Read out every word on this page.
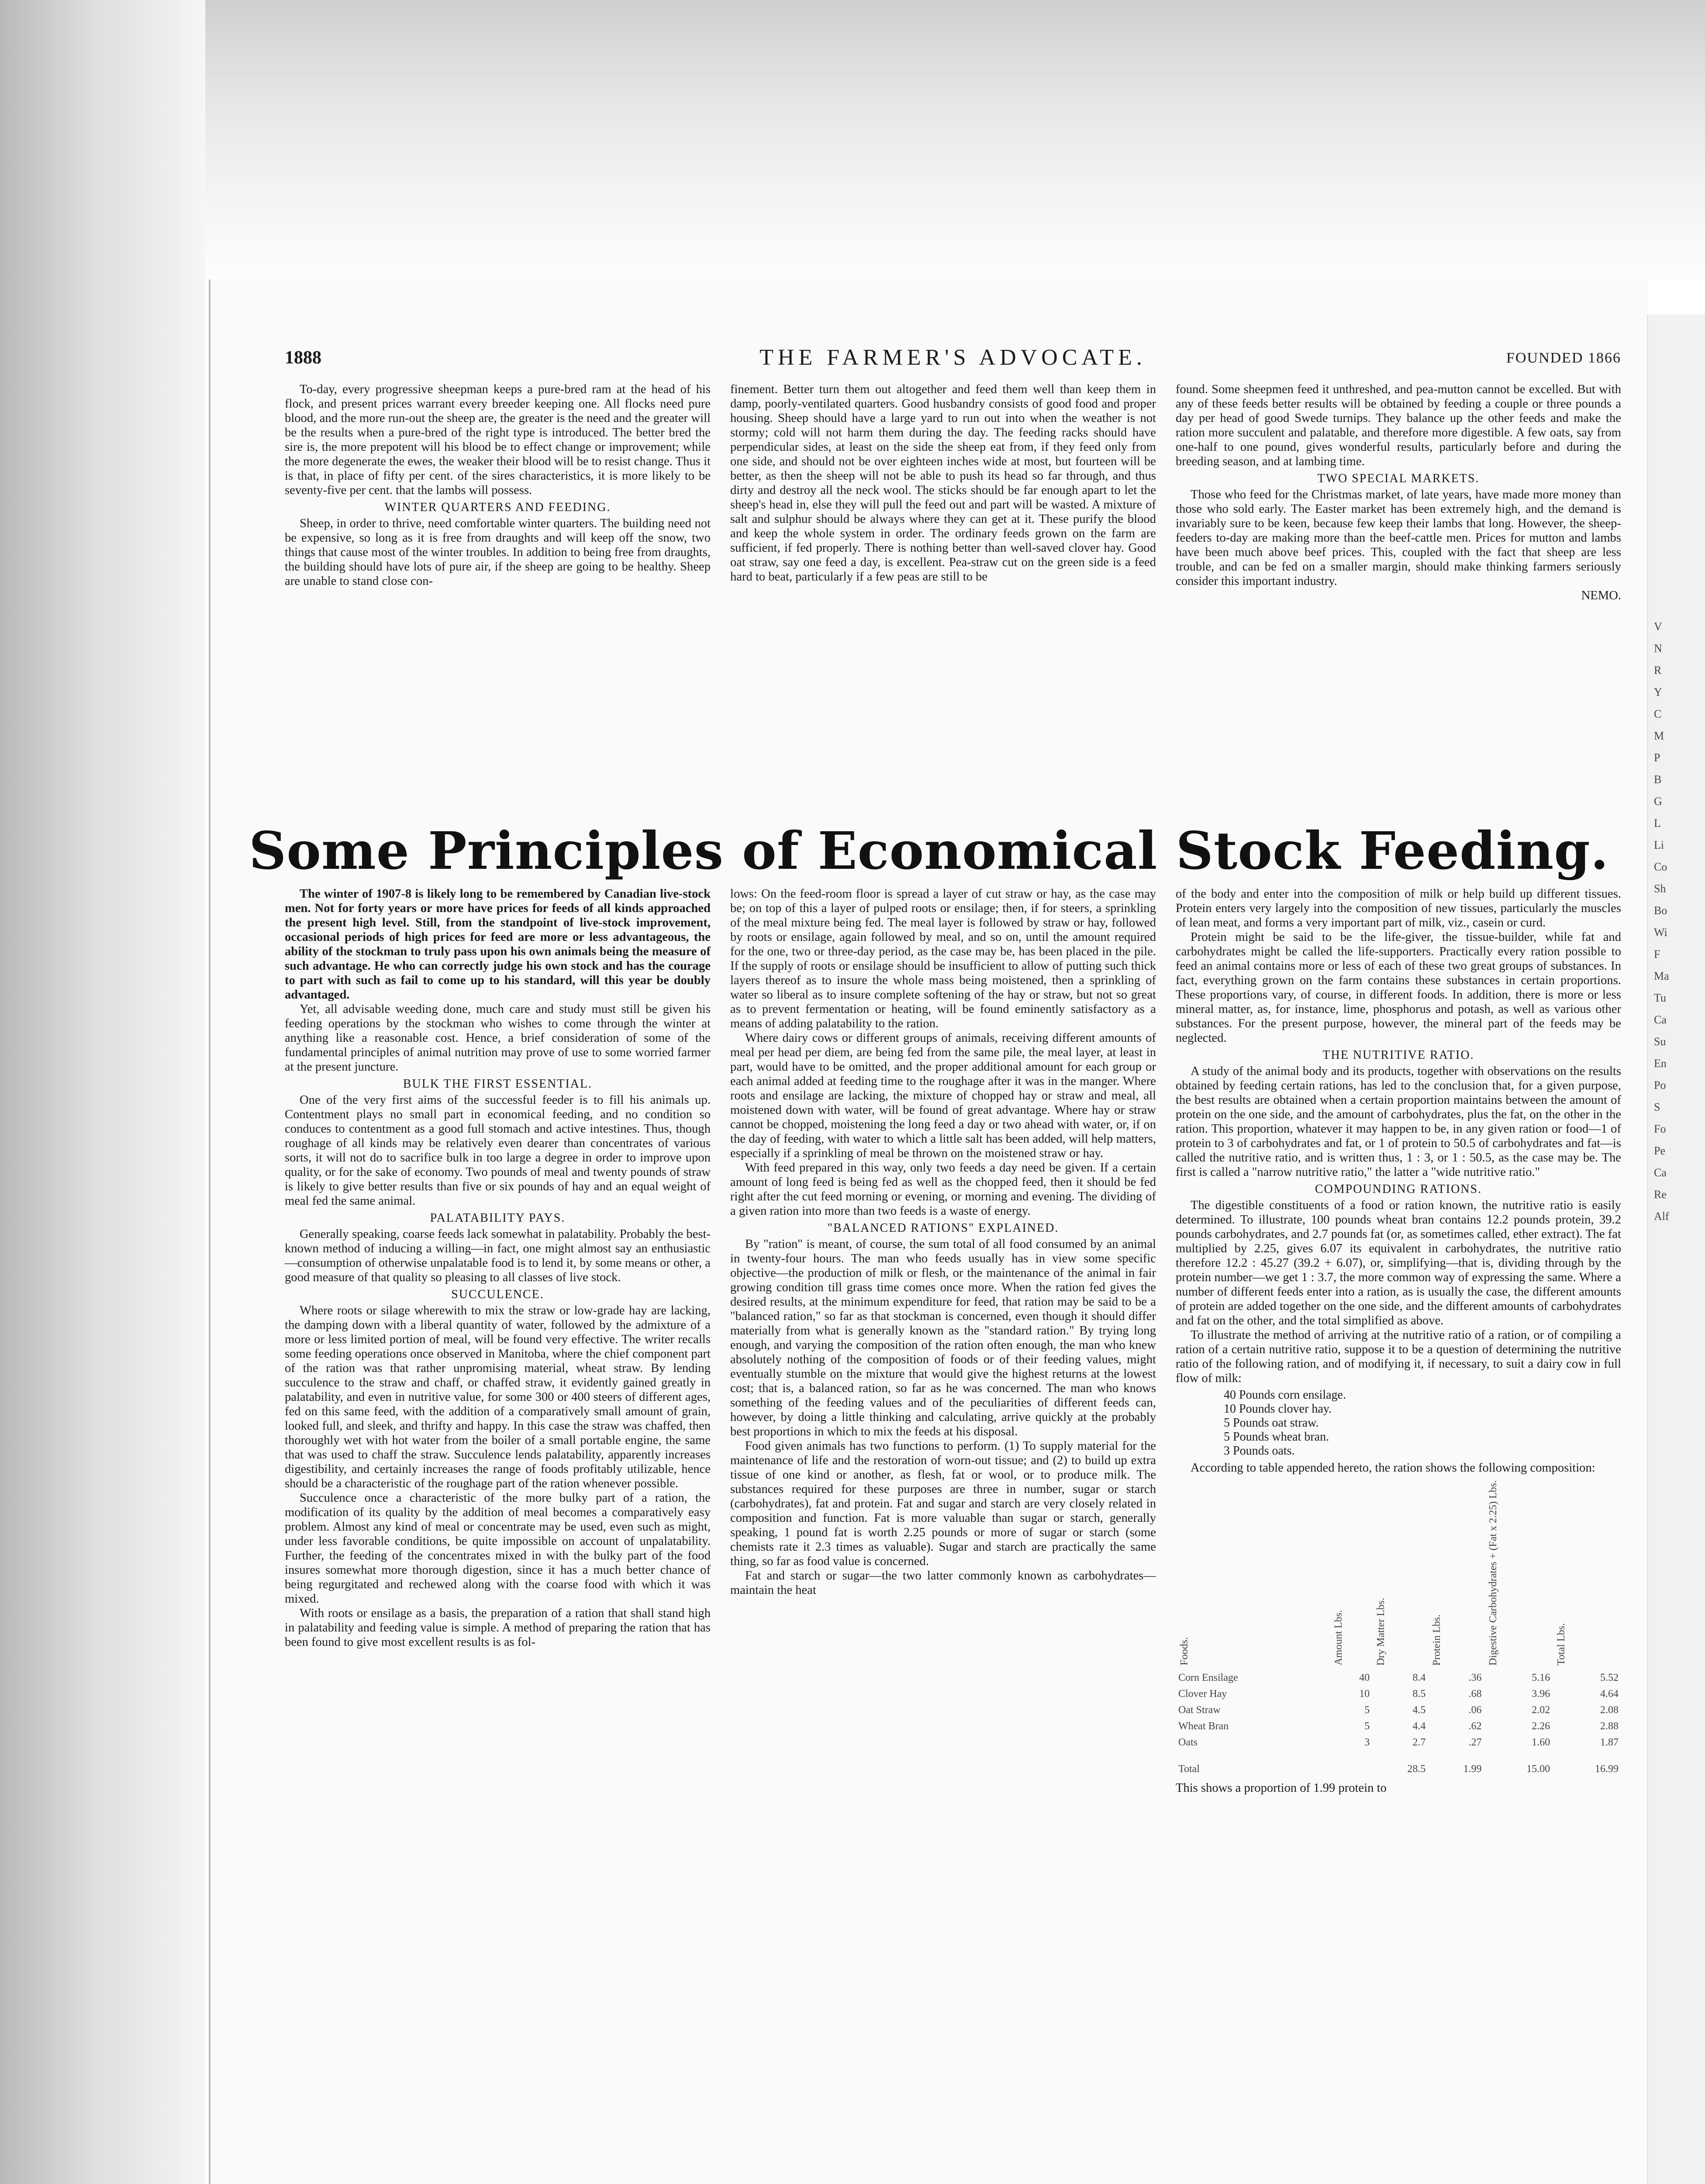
V
N
R
Y
C
M
P
B
G
L
Li
Co
Sh
Bo
Wi
F
Ma
Tu
Ca
Su
En
Po
S
Fo
Pe
Ca
Re
Alf
1888	THE FARMER'S ADVOCATE.	FOUNDED 1866

To-day, every progressive sheepman keeps a pure-bred ram at the head of his flock, and present prices warrant every breeder keeping one. All flocks need pure blood, and the more run-out the sheep are, the greater is the need and the greater will be the results when a pure-bred of the right type is introduced. The better bred the sire is, the more prepotent will his blood be to effect change or improvement; while the more degenerate the ewes, the weaker their blood will be to resist change. Thus it is that, in place of fifty per cent. of the sires characteristics, it is more likely to be seventy-five per cent. that the lambs will possess.

WINTER QUARTERS AND FEEDING.

Sheep, in order to thrive, need comfortable winter quarters. The building need not be expensive, so long as it is free from draughts and will keep off the snow, two things that cause most of the winter troubles. In addition to being free from draughts, the building should have lots of pure air, if the sheep are going to be healthy. Sheep are unable to stand close con-

finement. Better turn them out altogether and feed them well than keep them in damp, poorly-ventilated quarters. Good husbandry consists of good food and proper housing. Sheep should have a large yard to run out into when the weather is not stormy; cold will not harm them during the day. The feeding racks should have perpendicular sides, at least on the side the sheep eat from, if they feed only from one side, and should not be over eighteen inches wide at most, but fourteen will be better, as then the sheep will not be able to push its head so far through, and thus dirty and destroy all the neck wool. The sticks should be far enough apart to let the sheep's head in, else they will pull the feed out and part will be wasted. A mixture of salt and sulphur should be always where they can get at it. These purify the blood and keep the whole system in order. The ordinary feeds grown on the farm are sufficient, if fed properly. There is nothing better than well-saved clover hay. Good oat straw, say one feed a day, is excellent. Pea-straw cut on the green side is a feed hard to beat, particularly if a few peas are still to be

found. Some sheepmen feed it unthreshed, and pea-mutton cannot be excelled. But with any of these feeds better results will be obtained by feeding a couple or three pounds a day per head of good Swede turnips. They balance up the other feeds and make the ration more succulent and palatable, and therefore more digestible. A few oats, say from one-half to one pound, gives wonderful results, particularly before and during the breeding season, and at lambing time.

TWO SPECIAL MARKETS.

Those who feed for the Christmas market, of late years, have made more money than those who sold early. The Easter market has been extremely high, and the demand is invariably sure to be keen, because few keep their lambs that long. However, the sheep-feeders to-day are making more than the beef-cattle men. Prices for mutton and lambs have been much above beef prices. This, coupled with the fact that sheep are less trouble, and can be fed on a smaller margin, should make thinking farmers seriously consider this important industry.

NEMO.

Some Principles of Economical Stock Feeding.

The winter of 1907-8 is likely long to be remembered by Canadian live-stock men. Not for forty years or more have prices for feeds of all kinds approached the present high level. Still, from the standpoint of live-stock improvement, occasional periods of high prices for feed are more or less advantageous, the ability of the stockman to truly pass upon his own animals being the measure of such advantage. He who can correctly judge his own stock and has the courage to part with such as fail to come up to his standard, will this year be doubly advantaged.

Yet, all advisable weeding done, much care and study must still be given his feeding operations by the stockman who wishes to come through the winter at anything like a reasonable cost. Hence, a brief consideration of some of the fundamental principles of animal nutrition may prove of use to some worried farmer at the present juncture.

BULK THE FIRST ESSENTIAL.

One of the very first aims of the successful feeder is to fill his animals up. Contentment plays no small part in economical feeding, and no condition so conduces to contentment as a good full stomach and active intestines. Thus, though roughage of all kinds may be relatively even dearer than concentrates of various sorts, it will not do to sacrifice bulk in too large a degree in order to improve upon quality, or for the sake of economy. Two pounds of meal and twenty pounds of straw is likely to give better results than five or six pounds of hay and an equal weight of meal fed the same animal.

PALATABILITY PAYS.

Generally speaking, coarse feeds lack somewhat in palatability. Probably the best-known method of inducing a willing—in fact, one might almost say an enthusiastic—consumption of otherwise unpalatable food is to lend it, by some means or other, a good measure of that quality so pleasing to all classes of live stock.

SUCCULENCE.

Where roots or silage wherewith to mix the straw or low-grade hay are lacking, the damping down with a liberal quantity of water, followed by the admixture of a more or less limited portion of meal, will be found very effective. The writer recalls some feeding operations once observed in Manitoba, where the chief component part of the ration was that rather unpromising material, wheat straw. By lending succulence to the straw and chaff, or chaffed straw, it evidently gained greatly in palatability, and even in nutritive value, for some 300 or 400 steers of different ages, fed on this same feed, with the addition of a comparatively small amount of grain, looked full, and sleek, and thrifty and happy. In this case the straw was chaffed, then thoroughly wet with hot water from the boiler of a small portable engine, the same that was used to chaff the straw. Succulence lends palatability, apparently increases digestibility, and certainly increases the range of foods profitably utilizable, hence should be a characteristic of the roughage part of the ration whenever possible.

Succulence once a characteristic of the more bulky part of a ration, the modification of its quality by the addition of meal becomes a comparatively easy problem. Almost any kind of meal or concentrate may be used, even such as might, under less favorable conditions, be quite impossible on account of unpalatability. Further, the feeding of the concentrates mixed in with the bulky part of the food insures somewhat more thorough digestion, since it has a much better chance of being regurgitated and rechewed along with the coarse food with which it was mixed.

With roots or ensilage as a basis, the preparation of a ration that shall stand high in palatability and feeding value is simple. A method of preparing the ration that has been found to give most excellent results is as fol-

lows: On the feed-room floor is spread a layer of cut straw or hay, as the case may be; on top of this a layer of pulped roots or ensilage; then, if for steers, a sprinkling of the meal mixture being fed. The meal layer is followed by straw or hay, followed by roots or ensilage, again followed by meal, and so on, until the amount required for the one, two or three-day period, as the case may be, has been placed in the pile. If the supply of roots or ensilage should be insufficient to allow of putting such thick layers thereof as to insure the whole mass being moistened, then a sprinkling of water so liberal as to insure complete softening of the hay or straw, but not so great as to prevent fermentation or heating, will be found eminently satisfactory as a means of adding palatability to the ration.

Where dairy cows or different groups of animals, receiving different amounts of meal per head per diem, are being fed from the same pile, the meal layer, at least in part, would have to be omitted, and the proper additional amount for each group or each animal added at feeding time to the roughage after it was in the manger. Where roots and ensilage are lacking, the mixture of chopped hay or straw and meal, all moistened down with water, will be found of great advantage. Where hay or straw cannot be chopped, moistening the long feed a day or two ahead with water, or, if on the day of feeding, with water to which a little salt has been added, will help matters, especially if a sprinkling of meal be thrown on the moistened straw or hay.

With feed prepared in this way, only two feeds a day need be given. If a certain amount of long feed is being fed as well as the chopped feed, then it should be fed right after the cut feed morning or evening, or morning and evening. The dividing of a given ration into more than two feeds is a waste of energy.

"BALANCED RATIONS" EXPLAINED.

By "ration" is meant, of course, the sum total of all food consumed by an animal in twenty-four hours. The man who feeds usually has in view some specific objective—the production of milk or flesh, or the maintenance of the animal in fair growing condition till grass time comes once more. When the ration fed gives the desired results, at the minimum expenditure for feed, that ration may be said to be a "balanced ration," so far as that stockman is concerned, even though it should differ materially from what is generally known as the "standard ration." By trying long enough, and varying the composition of the ration often enough, the man who knew absolutely nothing of the composition of foods or of their feeding values, might eventually stumble on the mixture that would give the highest returns at the lowest cost; that is, a balanced ration, so far as he was concerned. The man who knows something of the feeding values and of the peculiarities of different feeds can, however, by doing a little thinking and calculating, arrive quickly at the probably best proportions in which to mix the feeds at his disposal.

Food given animals has two functions to perform. (1) To supply material for the maintenance of life and the restoration of worn-out tissue; and (2) to build up extra tissue of one kind or another, as flesh, fat or wool, or to produce milk. The substances required for these purposes are three in number, sugar or starch (carbohydrates), fat and protein. Fat and sugar and starch are very closely related in composition and function. Fat is more valuable than sugar or starch, generally speaking, 1 pound fat is worth 2.25 pounds or more of sugar or starch (some chemists rate it 2.3 times as valuable). Sugar and starch are practically the same thing, so far as food value is concerned.

Fat and starch or sugar—the two latter commonly known as carbohydrates—maintain the heat

of the body and enter into the composition of milk or help build up different tissues. Protein enters very largely into the composition of new tissues, particularly the muscles of lean meat, and forms a very important part of milk, viz., casein or curd.

Protein might be said to be the life-giver, the tissue-builder, while fat and carbohydrates might be called the life-supporters. Practically every ration possible to feed an animal contains more or less of each of these two great groups of substances. In fact, everything grown on the farm contains these substances in certain proportions. These proportions vary, of course, in different foods. In addition, there is more or less mineral matter, as, for instance, lime, phosphorus and potash, as well as various other substances. For the present purpose, however, the mineral part of the feeds may be neglected.

THE NUTRITIVE RATIO.

A study of the animal body and its products, together with observations on the results obtained by feeding certain rations, has led to the conclusion that, for a given purpose, the best results are obtained when a certain proportion maintains between the amount of protein on the one side, and the amount of carbohydrates, plus the fat, on the other in the ration. This proportion, whatever it may happen to be, in any given ration or food—1 of protein to 3 of carbohydrates and fat, or 1 of protein to 50.5 of carbohydrates and fat—is called the nutritive ratio, and is written thus, 1 : 3, or 1 : 50.5, as the case may be. The first is called a "narrow nutritive ratio," the latter a "wide nutritive ratio."

COMPOUNDING RATIONS.

The digestible constituents of a food or ration known, the nutritive ratio is easily determined. To illustrate, 100 pounds wheat bran contains 12.2 pounds protein, 39.2 pounds carbohydrates, and 2.7 pounds fat (or, as sometimes called, ether extract). The fat multiplied by 2.25, gives 6.07 its equivalent in carbohydrates, the nutritive ratio therefore 12.2 : 45.27 (39.2 + 6.07), or, simplifying—that is, dividing through by the protein number—we get 1 : 3.7, the more common way of expressing the same. Where a number of different feeds enter into a ration, as is usually the case, the different amounts of protein are added together on the one side, and the different amounts of carbohydrates and fat on the other, and the total simplified as above.

To illustrate the method of arriving at the nutritive ratio of a ration, or of compiling a ration of a certain nutritive ratio, suppose it to be a question of determining the nutritive ratio of the following ration, and of modifying it, if necessary, to suit a dairy cow in full flow of milk:

40 Pounds corn ensilage.
10 Pounds clover hay.
5 Pounds oat straw.
5 Pounds wheat bran.
3 Pounds oats.

According to table appended hereto, the ration shows the following composition:

Foods.	Amount Lbs.	Dry Matter Lbs.	Protein Lbs.	Digestive Carbohydrates + (Fat x 2.25) Lbs.	Total Lbs.
Corn Ensilage	40	8.4	.36	5.16	5.52
Clover Hay	10	8.5	.68	3.96	4.64
Oat Straw	5	4.5	.06	2.02	2.08
Wheat Bran	5	4.4	.62	2.26	2.88
Oats	3	2.7	.27	1.60	1.87
Total		28.5	1.99	15.00	16.99

This shows a proportion of 1.99 protein to
